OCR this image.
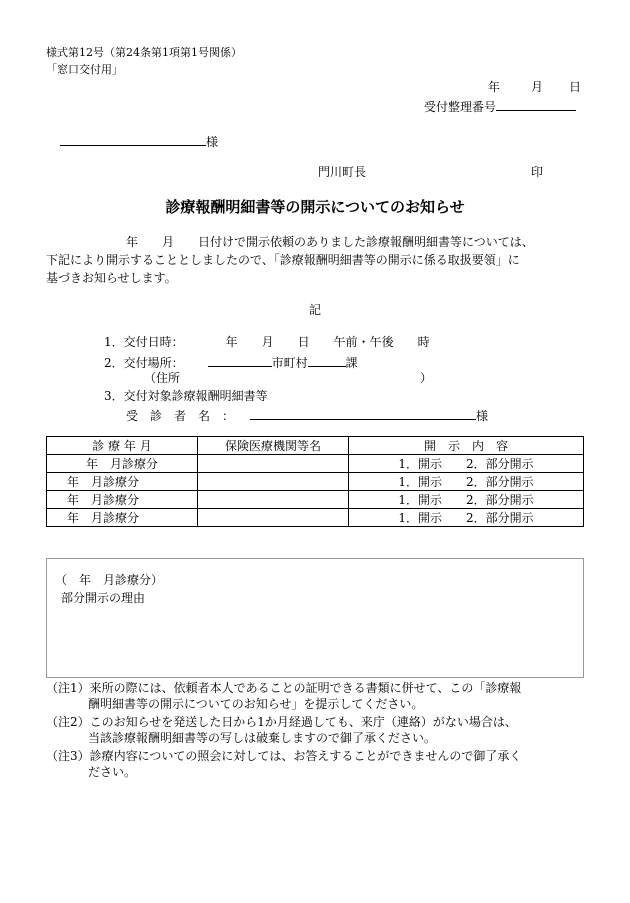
様式第12号（第24条第1項第1号関係）
「窓口交付用」
年	月 日
受付整理番号
様
門川町長	印
診療報酬明細書等の開示についてのお知らせ

年　　月　　日付けで開示依頼のありました診療報酬明細書等については、

下記により開示することとしましたので、「診療報酬明細書等の開示に係る取扱要領」に

基づきお知らせします。

記
1．交付日時：	年　　月　　日　　午前・午後　　時
2．交付場所：	市町村	課
（住所	）
3．交付対象診療報酬明細書等
受　診　者　名　：	様
診 療 年 月	保険医療機関等名	開　示　内　容
年　月診療分		1．開示　　2．部分開示
年　月診療分		1．開示　　2．部分開示
年　月診療分		1．開示　　2．部分開示
年　月診療分		1．開示　　2．部分開示
（　年　月診療分）
部分開示の理由
（注1）来所の際には、依頼者本人であることの証明できる書類に併せて、この「診療報
酬明細書等の開示についてのお知らせ」を提示してください。
（注2）このお知らせを発送した日から1か月経過しても、来庁（連絡）がない場合は、
当該診療報酬明細書等の写しは破棄しますので御了承ください。
（注3）診療内容についての照会に対しては、お答えすることができませんので御了承く
ださい。
